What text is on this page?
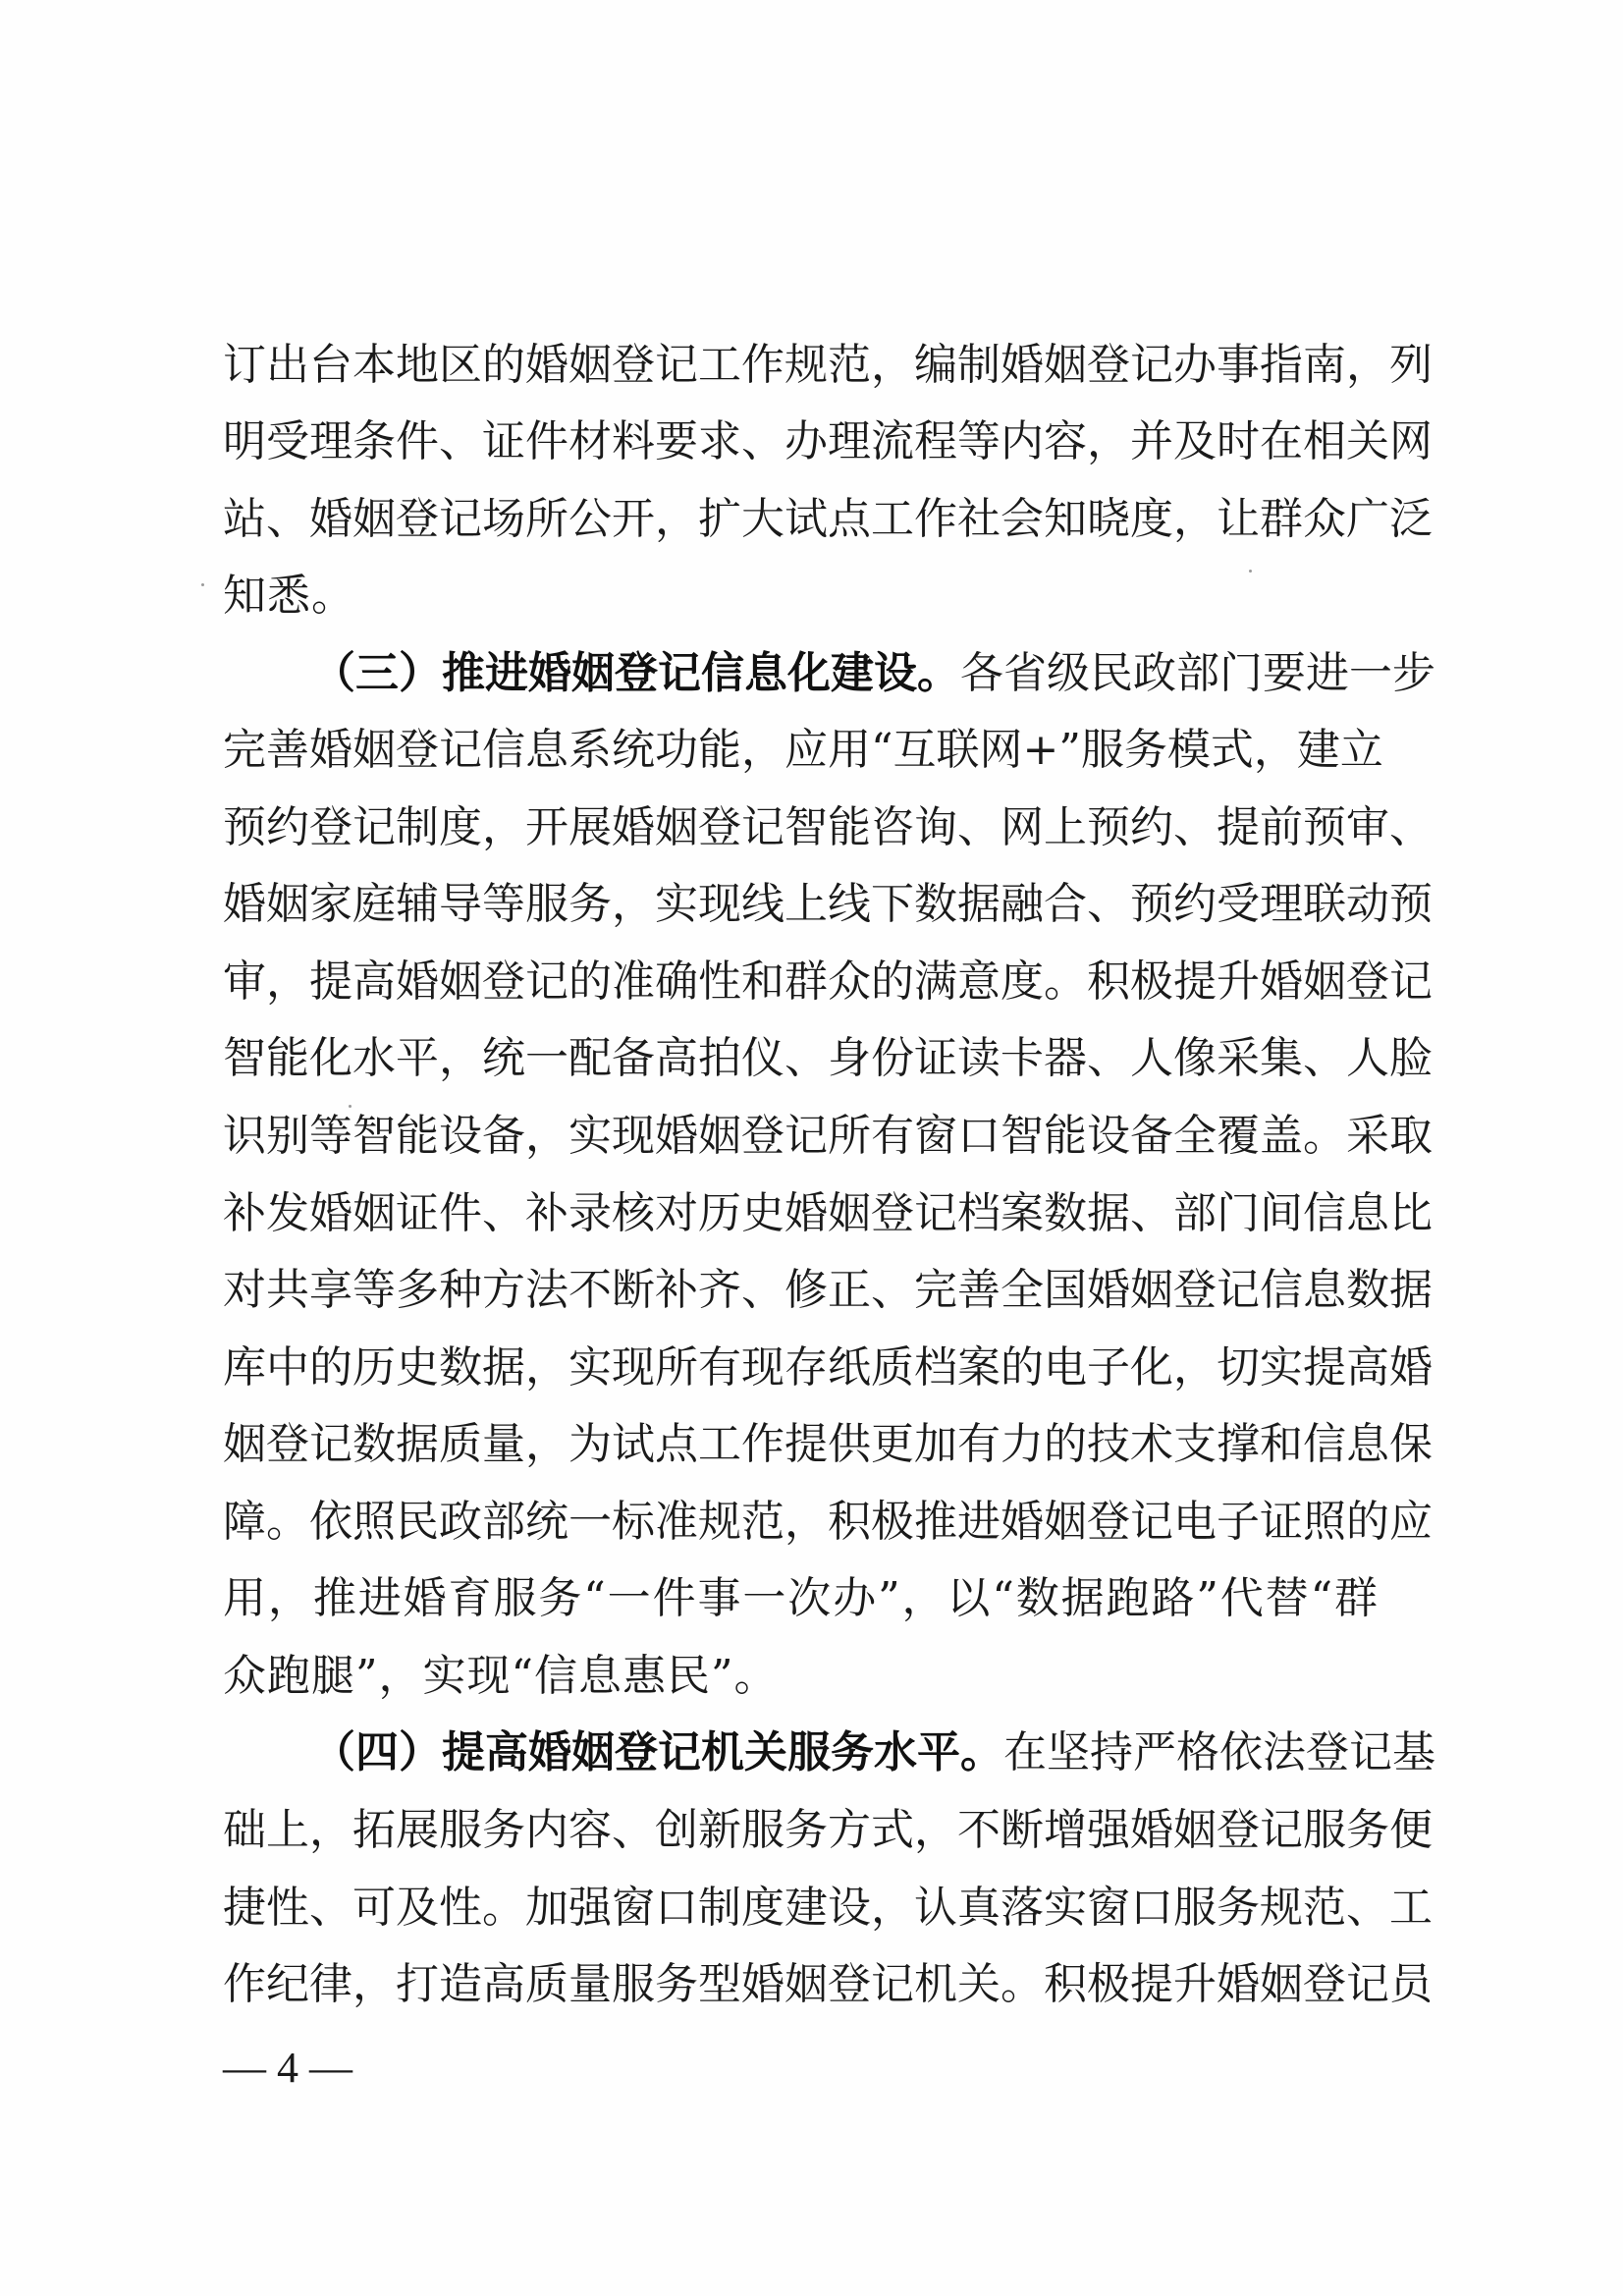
订出台本地区的婚姻登记工作规范，编制婚姻登记办事指南，列
明受理条件、证件材料要求、办理流程等内容，并及时在相关网
站、婚姻登记场所公开，扩大试点工作社会知晓度，让群众广泛
知悉。
（三）推进婚姻登记信息化建设。各省级民政部门要进一步
完善婚姻登记信息系统功能，应用“互联网+”服务模式，建立
预约登记制度，开展婚姻登记智能咨询、网上预约、提前预审、
婚姻家庭辅导等服务，实现线上线下数据融合、预约受理联动预
审，提高婚姻登记的准确性和群众的满意度。积极提升婚姻登记
智能化水平，统一配备高拍仪、身份证读卡器、人像采集、人脸
识别等智能设备，实现婚姻登记所有窗口智能设备全覆盖。采取
补发婚姻证件、补录核对历史婚姻登记档案数据、部门间信息比
对共享等多种方法不断补齐、修正、完善全国婚姻登记信息数据
库中的历史数据，实现所有现存纸质档案的电子化，切实提高婚
姻登记数据质量，为试点工作提供更加有力的技术支撑和信息保
障。依照民政部统一标准规范，积极推进婚姻登记电子证照的应
用，推进婚育服务“一件事一次办”，以“数据跑路”代替“群
众跑腿”，实现“信息惠民”。
（四）提高婚姻登记机关服务水平。在坚持严格依法登记基
础上，拓展服务内容、创新服务方式，不断增强婚姻登记服务便
捷性、可及性。加强窗口制度建设，认真落实窗口服务规范、工
作纪律，打造高质量服务型婚姻登记机关。积极提升婚姻登记员
— 4 —
